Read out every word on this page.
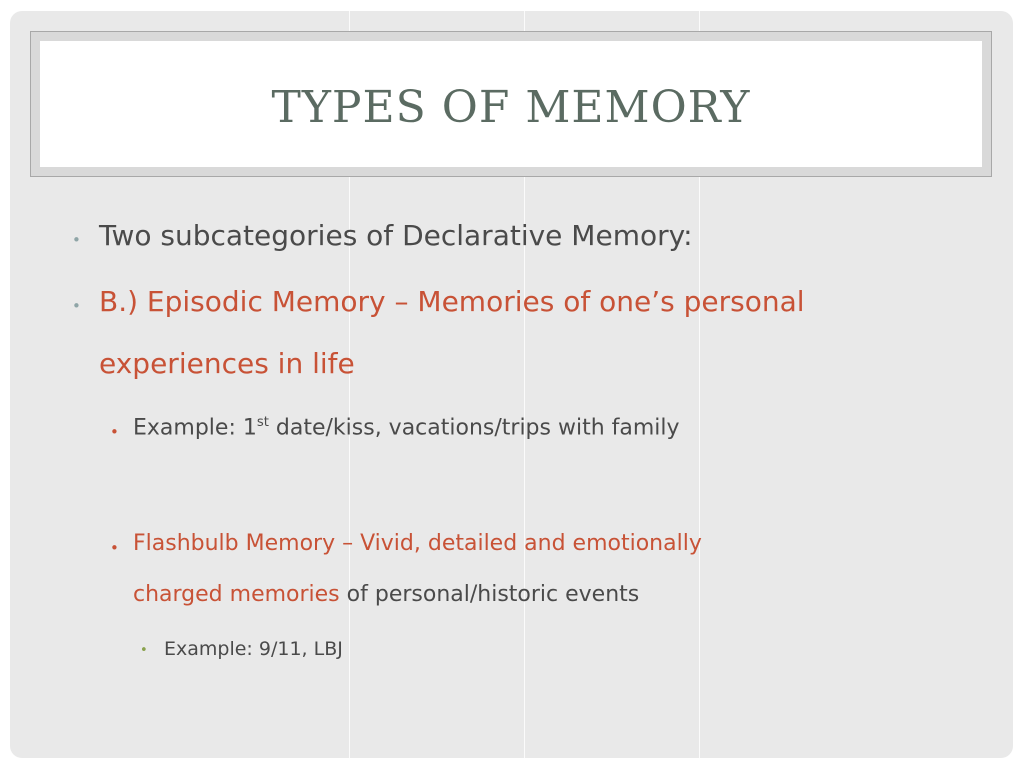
TYPES OF MEMORY
• Two subcategories of Declarative Memory:
• B.) Episodic Memory – Memories of one’s personal
experiences in life
• Example: 1st date/kiss, vacations/trips with family
• Flashbulb Memory – Vivid, detailed and emotionally
charged memories of personal/historic events
• Example: 9/11, LBJ
